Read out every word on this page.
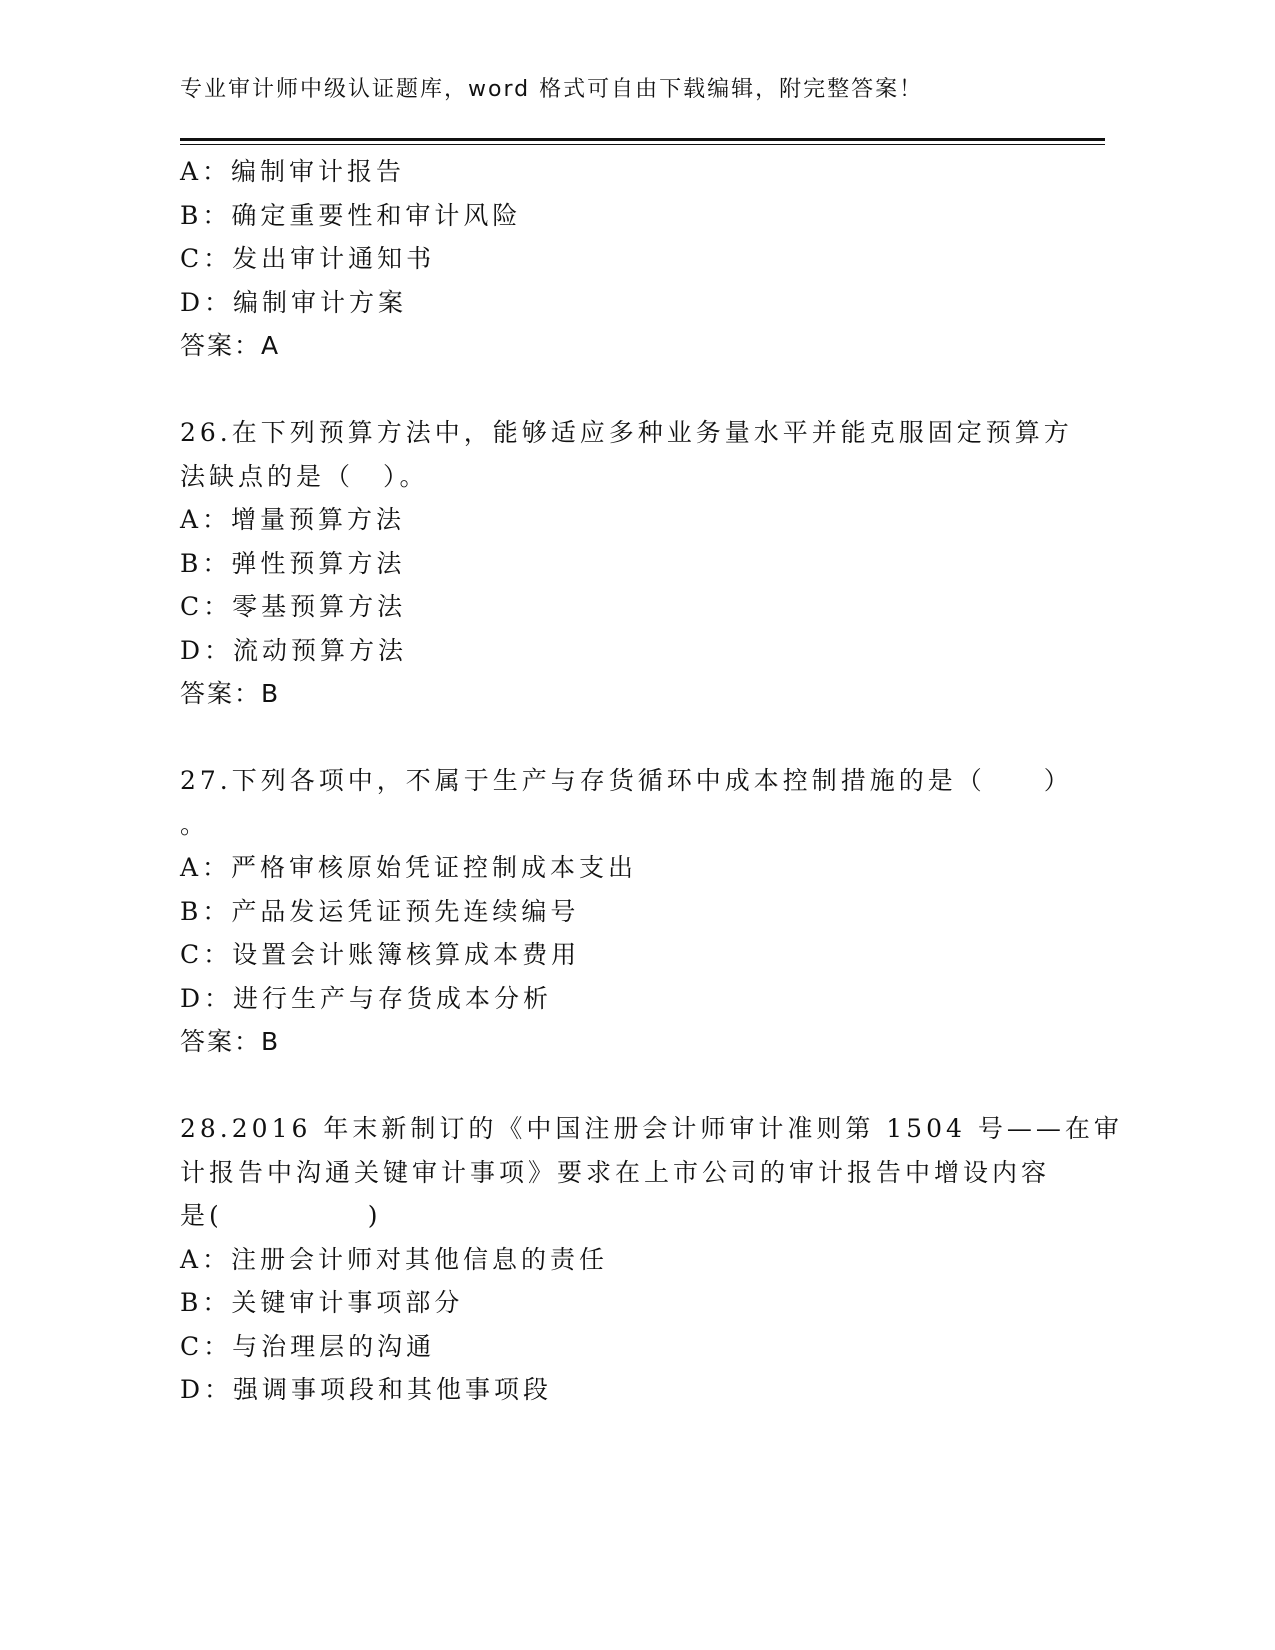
专业审计师中级认证题库，word 格式可自由下载编辑，附完整答案！
A：编制审计报告
B：确定重要性和审计风险
C：发出审计通知书
D：编制审计方案
答案：A
26.在下列预算方法中，能够适应多种业务量水平并能克服固定预算方
法缺点的是（　）。
A：增量预算方法
B：弹性预算方法
C：零基预算方法
D：流动预算方法
答案：B
27.下列各项中，不属于生产与存货循环中成本控制措施的是（　　）
。
A：严格审核原始凭证控制成本支出
B：产品发运凭证预先连续编号
C：设置会计账簿核算成本费用
D：进行生产与存货成本分析
答案：B
28.2016 年末新制订的《中国注册会计师审计准则第 1504 号——在审
计报告中沟通关键审计事项》要求在上市公司的审计报告中增设内容
是(　　　　　)
A：注册会计师对其他信息的责任
B：关键审计事项部分
C：与治理层的沟通
D：强调事项段和其他事项段
